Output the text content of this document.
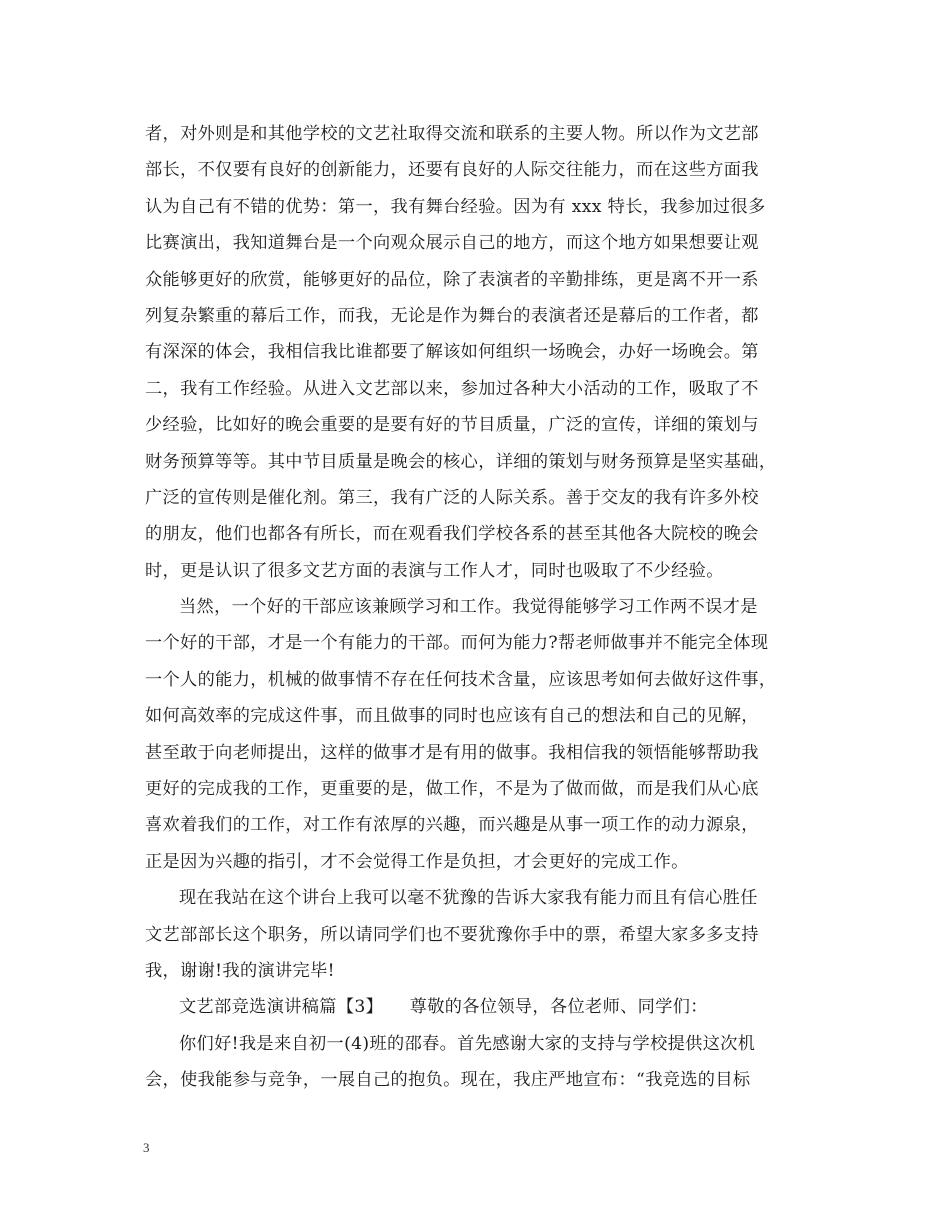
者，对外则是和其他学校的文艺社取得交流和联系的主要人物。所以作为文艺部
部长，不仅要有良好的创新能力，还要有良好的人际交往能力，而在这些方面我
认为自己有不错的优势：第一，我有舞台经验。因为有 xxx 特长，我参加过很多
比赛演出，我知道舞台是一个向观众展示自己的地方，而这个地方如果想要让观
众能够更好的欣赏，能够更好的品位，除了表演者的辛勤排练，更是离不开一系
列复杂繁重的幕后工作，而我，无论是作为舞台的表演者还是幕后的工作者，都
有深深的体会，我相信我比谁都要了解该如何组织一场晚会，办好一场晚会。第
二，我有工作经验。从进入文艺部以来，参加过各种大小活动的工作，吸取了不
少经验，比如好的晚会重要的是要有好的节目质量，广泛的宣传，详细的策划与
财务预算等等。其中节目质量是晚会的核心，详细的策划与财务预算是坚实基础，
广泛的宣传则是催化剂。第三，我有广泛的人际关系。善于交友的我有许多外校
的朋友，他们也都各有所长，而在观看我们学校各系的甚至其他各大院校的晚会
时，更是认识了很多文艺方面的表演与工作人才，同时也吸取了不少经验。
当然，一个好的干部应该兼顾学习和工作。我觉得能够学习工作两不误才是
一个好的干部，才是一个有能力的干部。而何为能力?帮老师做事并不能完全体现
一个人的能力，机械的做事情不存在任何技术含量，应该思考如何去做好这件事，
如何高效率的完成这件事，而且做事的同时也应该有自己的想法和自己的见解，
甚至敢于向老师提出，这样的做事才是有用的做事。我相信我的领悟能够帮助我
更好的完成我的工作，更重要的是，做工作，不是为了做而做，而是我们从心底
喜欢着我们的工作，对工作有浓厚的兴趣，而兴趣是从事一项工作的动力源泉，
正是因为兴趣的指引，才不会觉得工作是负担，才会更好的完成工作。
现在我站在这个讲台上我可以毫不犹豫的告诉大家我有能力而且有信心胜任
文艺部部长这个职务，所以请同学们也不要犹豫你手中的票，希望大家多多支持
我，谢谢!我的演讲完毕!
文艺部竞选演讲稿篇【3】　　尊敬的各位领导，各位老师、同学们：
你们好!我是来自初一(4)班的邵春。首先感谢大家的支持与学校提供这次机
会，使我能参与竞争，一展自己的抱负。现在，我庄严地宣布：“我竞选的目标
3
